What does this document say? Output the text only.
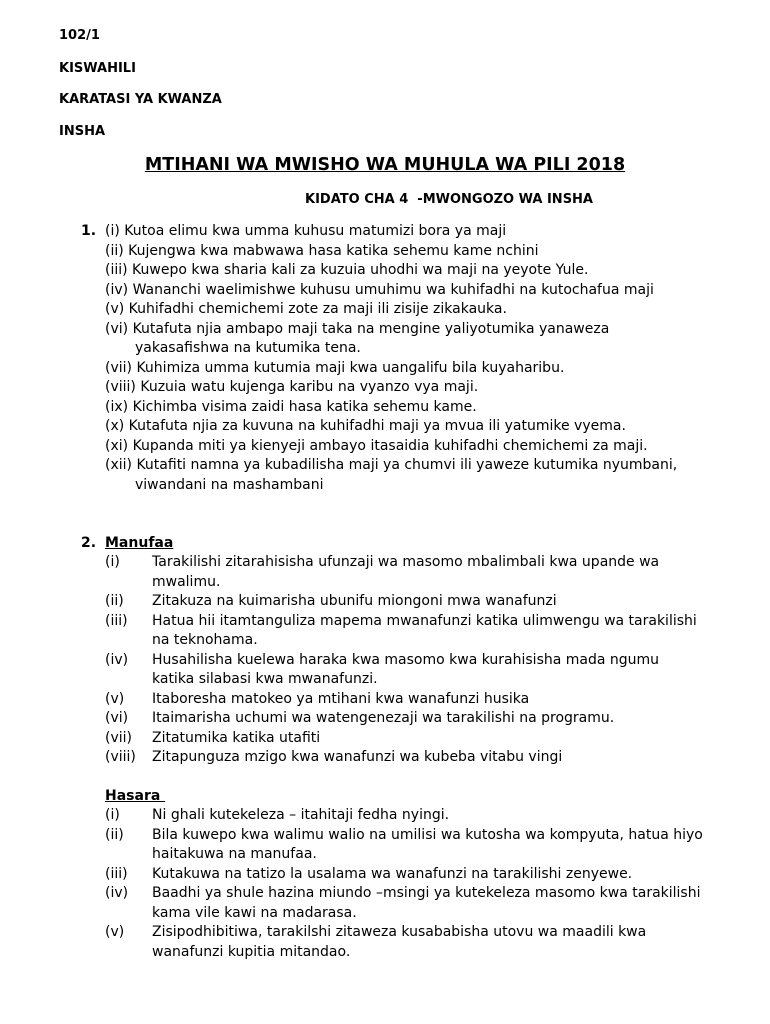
102/1

KISWAHILI

KARATASI YA KWANZA

INSHA

MTIHANI WA MWISHO WA MUHULA WA PILI 2018

KIDATO CHA 4  -MWONGOZO WA INSHA

1. (i) Kutoa elimu kwa umma kuhusu matumizi bora ya maji
(ii) Kujengwa kwa mabwawa hasa katika sehemu kame nchini
(iii) Kuwepo kwa sharia kali za kuzuia uhodhi wa maji na yeyote Yule.
(iv) Wananchi waelimishwe kuhusu umuhimu wa kuhifadhi na kutochafua maji
(v) Kuhifadhi chemichemi zote za maji ili zisije zikakauka.
(vi) Kutafuta njia ambapo maji taka na mengine yaliyotumika yanaweza yakasafishwa na kutumika tena.
(vii) Kuhimiza umma kutumia maji kwa uangalifu bila kuyaharibu.
(viii) Kuzuia watu kujenga karibu na vyanzo vya maji.
(ix) Kichimba visima zaidi hasa katika sehemu kame.
(x) Kutafuta njia za kuvuna na kuhifadhi maji ya mvua ili yatumike vyema.
(xi) Kupanda miti ya kienyeji ambayo itasaidia kuhifadhi chemichemi za maji.
(xii) Kutafiti namna ya kubadilisha maji ya chumvi ili yaweze kutumika nyumbani, viwandani na mashambani
2. Manufaa
(i)	Tarakilishi zitarahisisha ufunzaji wa masomo mbalimbali kwa upande wa mwalimu.
(ii)	Zitakuza na kuimarisha ubunifu miongoni mwa wanafunzi
(iii)	Hatua hii itamtanguliza mapema mwanafunzi katika ulimwengu wa tarakilishi na teknohama.
(iv)	Husahilisha kuelewa haraka kwa masomo kwa kurahisisha mada ngumu katika silabasi kwa mwanafunzi.
(v)	Itaboresha matokeo ya mtihani kwa wanafunzi husika
(vi)	Itaimarisha uchumi wa watengenezaji wa tarakilishi na programu.
(vii)	Zitatumika katika utafiti
(viii)	Zitapunguza mzigo kwa wanafunzi wa kubeba vitabu vingi
Hasara
(i)	Ni ghali kutekeleza – itahitaji fedha nyingi.
(ii)	Bila kuwepo kwa walimu walio na umilisi wa kutosha wa kompyuta, hatua hiyo haitakuwa na manufaa.
(iii)	Kutakuwa na tatizo la usalama wa wanafunzi na tarakilishi zenyewe.
(iv)	Baadhi ya shule hazina miundo –msingi ya kutekeleza masomo kwa tarakilishi kama vile kawi na madarasa.
(v)	Zisipodhibitiwa, tarakilshi zitaweza kusababisha utovu wa maadili kwa wanafunzi kupitia mitandao.
